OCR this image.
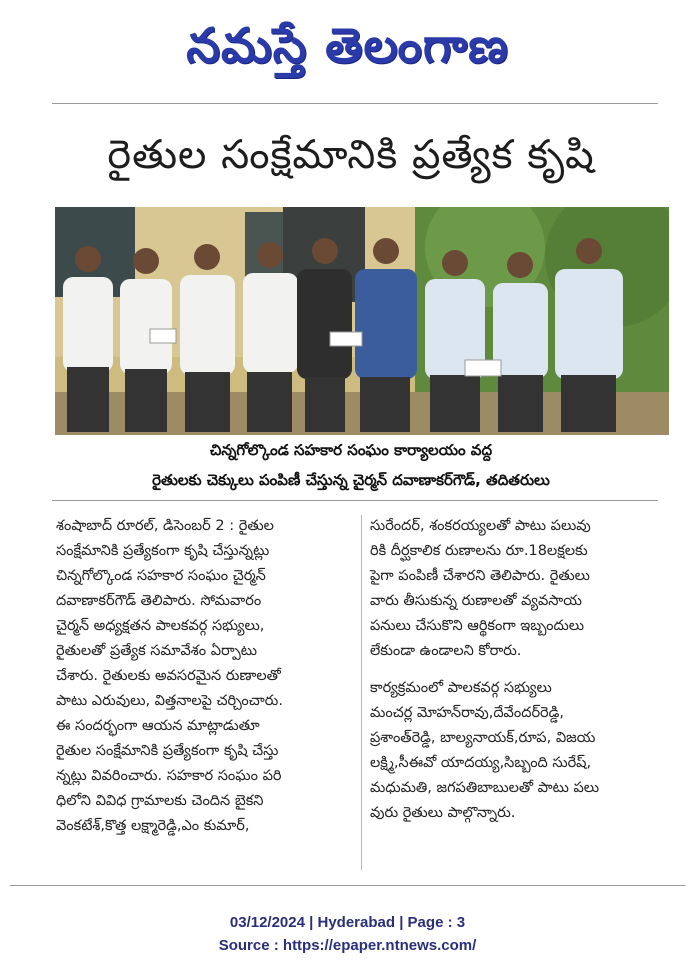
నమస్తే తెలంగాణ
రైతుల సంక్షేమానికి ప్రత్యేక కృషి
చిన్నగోల్కొండ సహకార సంఘం కార్యాలయం వద్ద
రైతులకు చెక్కులు పంపిణీ చేస్తున్న చైర్మన్ దవాణాకర్‌గౌడ్, తదితరులు

శంషాబాద్ రూరల్, డిసెంబర్ 2 : రైతుల

సంక్షేమానికి ప్రత్యేకంగా కృషి చేస్తున్నట్లు

చిన్నగోల్కొండ సహకార సంఘం చైర్మన్

దవాణాకర్‌గౌడ్ తెలిపారు. సోమవారం

చైర్మన్ అధ్యక్షతన పాలకవర్గ సభ్యులు,

రైతులతో ప్రత్యేక సమావేశం ఏర్పాటు

చేశారు. రైతులకు అవసరమైన రుణాలతో

పాటు ఎరువులు, విత్తనాలపై చర్చించారు.

ఈ సందర్భంగా ఆయన మాట్లాడుతూ

రైతుల సంక్షేమానికి ప్రత్యేకంగా కృషి చేస్తు

న్నట్లు వివరించారు. సహకార సంఘం పరి

ధిలోని వివిధ గ్రామాలకు చెందిన బైకని

వెంకటేశ్,కొత్త లక్ష్మారెడ్డి,ఎం కుమార్,

సురేందర్, శంకరయ్యలతో పాటు పలువు

రికి దీర్ఘకాలిక రుణాలను రూ.18లక్షలకు

పైగా పంపిణీ చేశారని తెలిపారు. రైతులు

వారు తీసుకున్న రుణాలతో వ్యవసాయ

పనులు చేసుకొని ఆర్థికంగా ఇబ్బందులు

లేకుండా ఉండాలని కోరారు.

కార్యక్రమంలో పాలకవర్గ సభ్యులు

మంచర్ల మోహన్‌రావు,దేవేందర్‌రెడ్డి,

ప్రశాంత్‌రెడ్డి, బాల్యనాయక్,రూప, విజయ

లక్ష్మి,సీఈవో యాదయ్య,సిబ్బంది సురేష్,

మధుమతి, జగపతిబాబులతో పాటు పలు

వురు రైతులు పాల్గొన్నారు.

03/12/2024 | Hyderabad | Page : 3
Source : https://epaper.ntnews.com/
